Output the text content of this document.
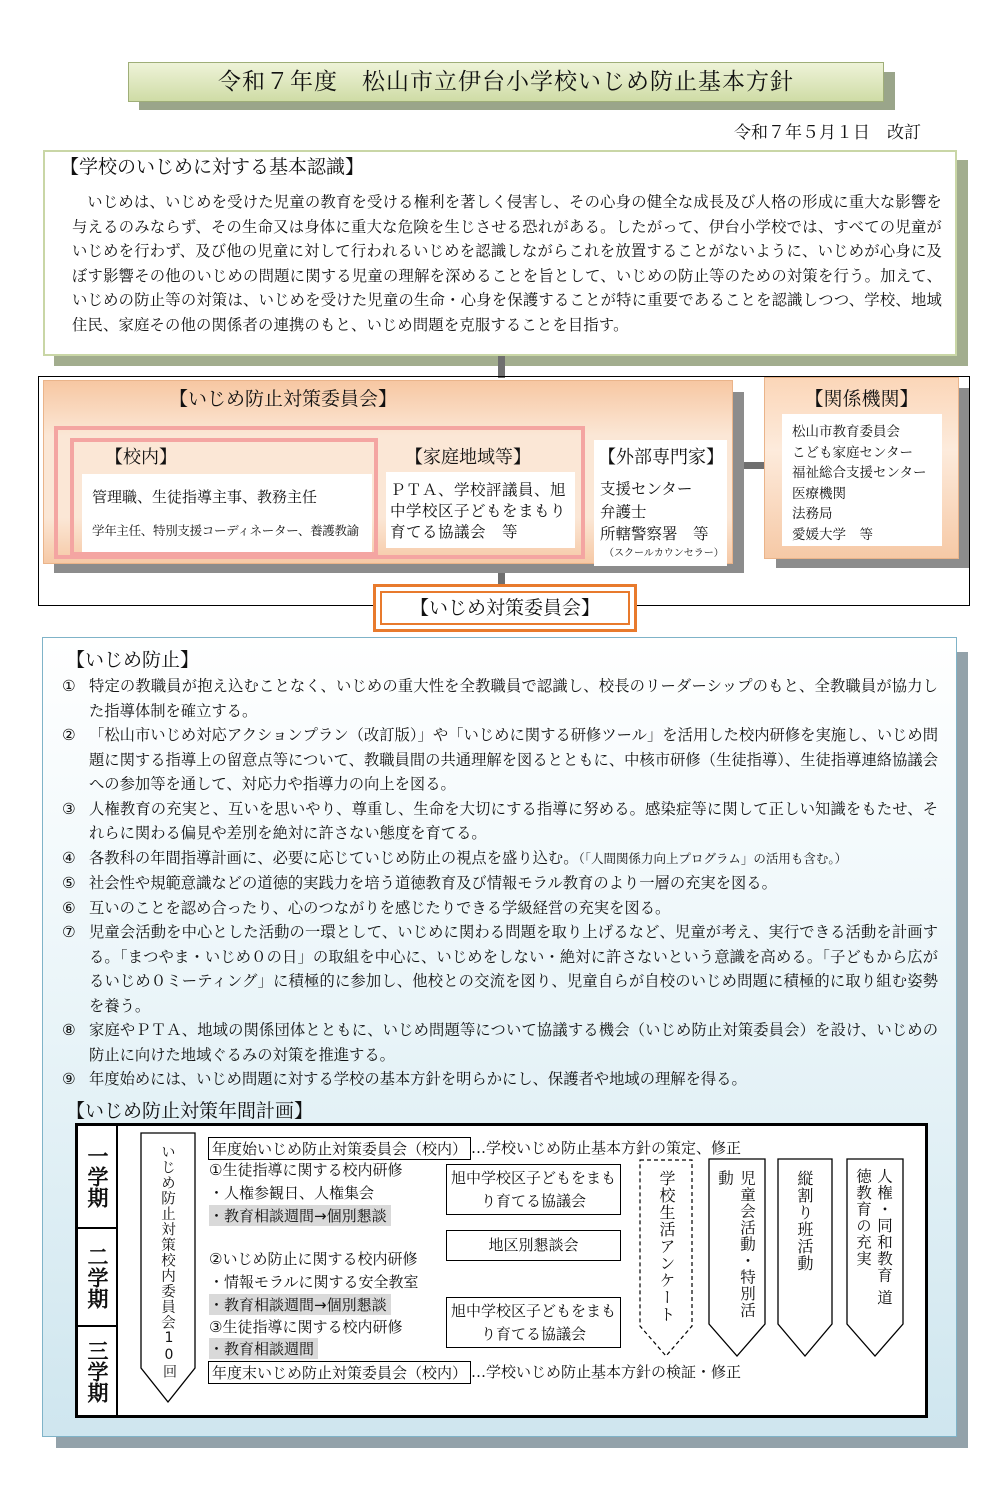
令和７年度　松山市立伊台小学校いじめ防止基本方針
令和７年５月１日　改訂
【学校のいじめに対する基本認識】
いじめは、いじめを受けた児童の教育を受ける権利を著しく侵害し、その心身の健全な成長及び人格の形成に重大な影響を与えるのみならず、その生命又は身体に重大な危険を生じさせる恐れがある。したがって、伊台小学校では、すべての児童がいじめを行わず、及び他の児童に対して行われるいじめを認識しながらこれを放置することがないように、いじめが心身に及ぼす影響その他のいじめの問題に関する児童の理解を深めることを旨として、いじめの防止等のための対策を行う。加えて、いじめの防止等の対策は、いじめを受けた児童の生命・心身を保護することが特に重要であることを認識しつつ、学校、地域住民、家庭その他の関係者の連携のもと、いじめ問題を克服することを目指す。
【いじめ防止対策委員会】
【校内】
管理職、生徒指導主事、教務主任
学年主任、特別支援コーディネーター、養護教諭
【家庭地域等】
ＰＴＡ、学校評議員、旭中学校区子どもをまもり育てる協議会　等
【外部専門家】
支援センター
弁護士
所轄警察署　等
（スクールカウンセラー）
【関係機関】
松山市教育委員会
こども家庭センター
福祉総合支援センター
医療機関
法務局
愛媛大学　等
【いじめ対策委員会】
【いじめ防止】
① 特定の教職員が抱え込むことなく、いじめの重大性を全教職員で認識し、校長のリーダーシップのもと、全教職員が協力した指導体制を確立する。
② 「松山市いじめ対応アクションプラン（改訂版）」や「いじめに関する研修ツール」を活用した校内研修を実施し、いじめ問題に関する指導上の留意点等について、教職員間の共通理解を図るとともに、中核市研修（生徒指導）、生徒指導連絡協議会への参加等を通して、対応力や指導力の向上を図る。
③ 人権教育の充実と、互いを思いやり、尊重し、生命を大切にする指導に努める。感染症等に関して正しい知識をもたせ、それらに関わる偏見や差別を絶対に許さない態度を育てる。
④ 各教科の年間指導計画に、必要に応じていじめ防止の視点を盛り込む。（「人間関係力向上プログラム」の活用も含む。）
⑤ 社会性や規範意識などの道徳的実践力を培う道徳教育及び情報モラル教育のより一層の充実を図る。
⑥ 互いのことを認め合ったり、心のつながりを感じたりできる学級経営の充実を図る。
⑦ 児童会活動を中心とした活動の一環として、いじめに関わる問題を取り上げるなど、児童が考え、実行できる活動を計画する。「まつやま・いじめ０の日」の取組を中心に、いじめをしない・絶対に許さないという意識を高める。「子どもから広がるいじめ０ミーティング」に積極的に参加し、他校との交流を図り、児童自らが自校のいじめ問題に積極的に取り組む姿勢を養う。
⑧ 家庭やＰＴＡ、地域の関係団体とともに、いじめ問題等について協議する機会（いじめ防止対策委員会）を設け、いじめの防止に向けた地域ぐるみの対策を推進する。
⑨ 年度始めには、いじめ問題に対する学校の基本方針を明らかにし、保護者や地域の理解を得る。
【いじめ防止対策年間計画】
一学期
二学期
三学期
いじめ防止対策校内委員会
10回
年度始いじめ防止対策委員会（校内） …学校いじめ防止基本方針の策定、修正
年度末いじめ防止対策委員会（校内） …学校いじめ防止基本方針の検証・修正
①生徒指導に関する校内研修
・人権参観日、人権集会
・教育相談週間→個別懇談
②いじめ防止に関する校内研修
・情報モラルに関する安全教室
・教育相談週間→個別懇談
③生徒指導に関する校内研修
・教育相談週間
旭中学校区子どもをまもり育てる協議会
地区別懇談会
旭中学校区子どもをまもり育てる協議会
学校生活アンケート	児童会活動・特別活動	縦割り班活動	人権・同和教育 道徳教育の充実
